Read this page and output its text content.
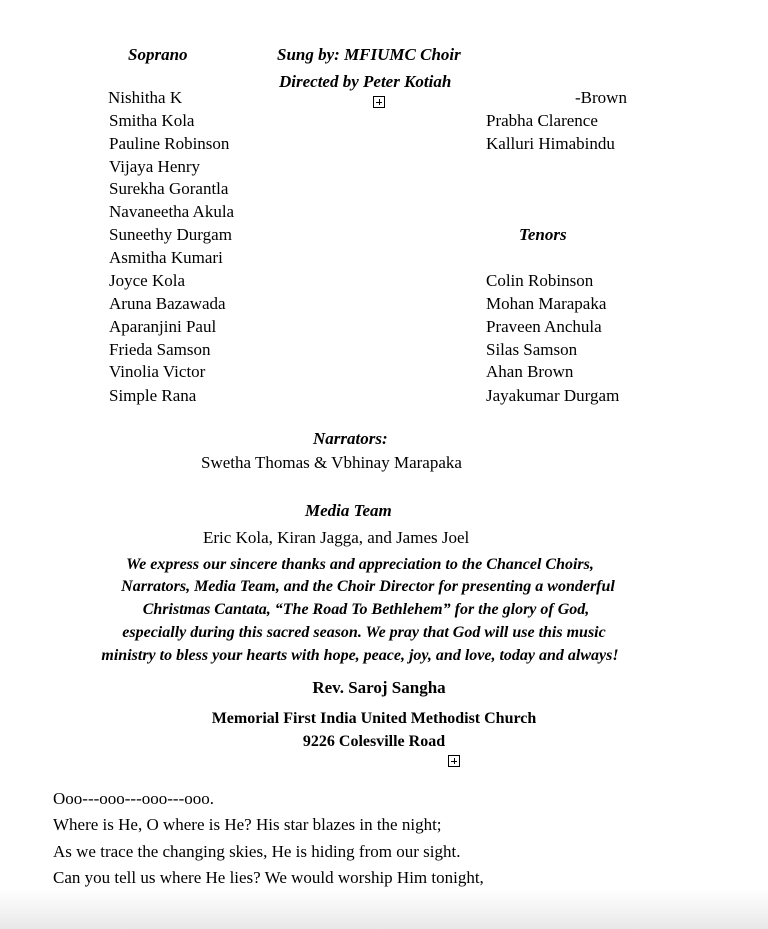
Soprano	Sung by: MFIUMC Choir
Directed by Peter Kotiah
-Brown
Nishitha K
Smitha Kola
Pauline Robinson
Vijaya Henry
Surekha Gorantla
Navaneetha Akula
Suneethy Durgam
Asmitha Kumari
Joyce Kola
Aruna Bazawada
Aparanjini Paul
Frieda Samson
Vinolia Victor
Simple Rana
Prabha Clarence
Kalluri Himabindu
Tenors
Colin Robinson
Mohan Marapaka
Praveen Anchula
Silas Samson
Ahan Brown
Jayakumar Durgam
Narrators:
Swetha Thomas & Vbhinay Marapaka
Media Team
Eric Kola, Kiran Jagga, and James Joel
We express our sincere thanks and appreciation to the Chancel Choirs,
Narrators, Media Team, and the Choir Director for presenting a wonderful
Christmas Cantata, “The Road To Bethlehem” for the glory of God,
especially during this sacred season. We pray that God will use this music
ministry to bless your hearts with hope, peace, joy, and love, today and always!
Rev. Saroj Sangha
Memorial First India United Methodist Church
9226 Colesville Road
Ooo---ooo---ooo---ooo.
Where is He, O where is He? His star blazes in the night;
As we trace the changing skies, He is hiding from our sight.
Can you tell us where He lies? We would worship Him tonight,
